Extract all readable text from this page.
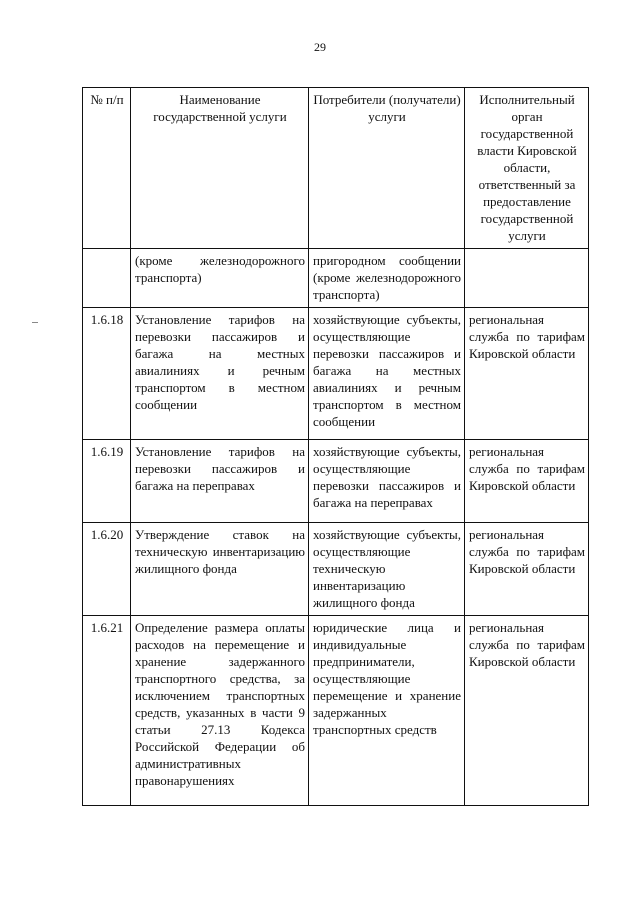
29
№ п/п	Наименование государственной услуги	Потребители (получатели) услуги	Исполнительный орган государственной власти Кировской области, ответственный за предоставление государственной услуги
	(кроме железнодорожного транспорта)	пригородном сообщении (кроме железнодорожного транспорта)	
1.6.18	Установление тарифов на перевозки пассажиров и багажа на местных авиалиниях и речным транспортом в местном сообщении	хозяйствующие субъекты, осуществляющие перевозки пассажиров и багажа на местных авиалиниях и речным транспортом в местном сообщении	региональная служба по тарифам Кировской области
1.6.19	Установление тарифов на перевозки пассажиров и багажа на переправах	хозяйствующие субъекты, осуществляющие перевозки пассажиров и багажа на переправах	региональная служба по тарифам Кировской области
1.6.20	Утверждение ставок на техническую инвентаризацию жилищного фонда	хозяйствующие субъекты, осуществляющие техническую инвентаризацию жилищного фонда	региональная служба по тарифам Кировской области
1.6.21	Определение размера оплаты расходов на перемещение и хранение задержанного транспортного средства, за исключением транспортных средств, указанных в части 9 статьи 27.13 Кодекса Российской Федерации об административных правонарушениях	юридические лица и индивидуальные предприниматели, осуществляющие перемещение и хранение задержанных транспортных средств	региональная служба по тарифам Кировской области
